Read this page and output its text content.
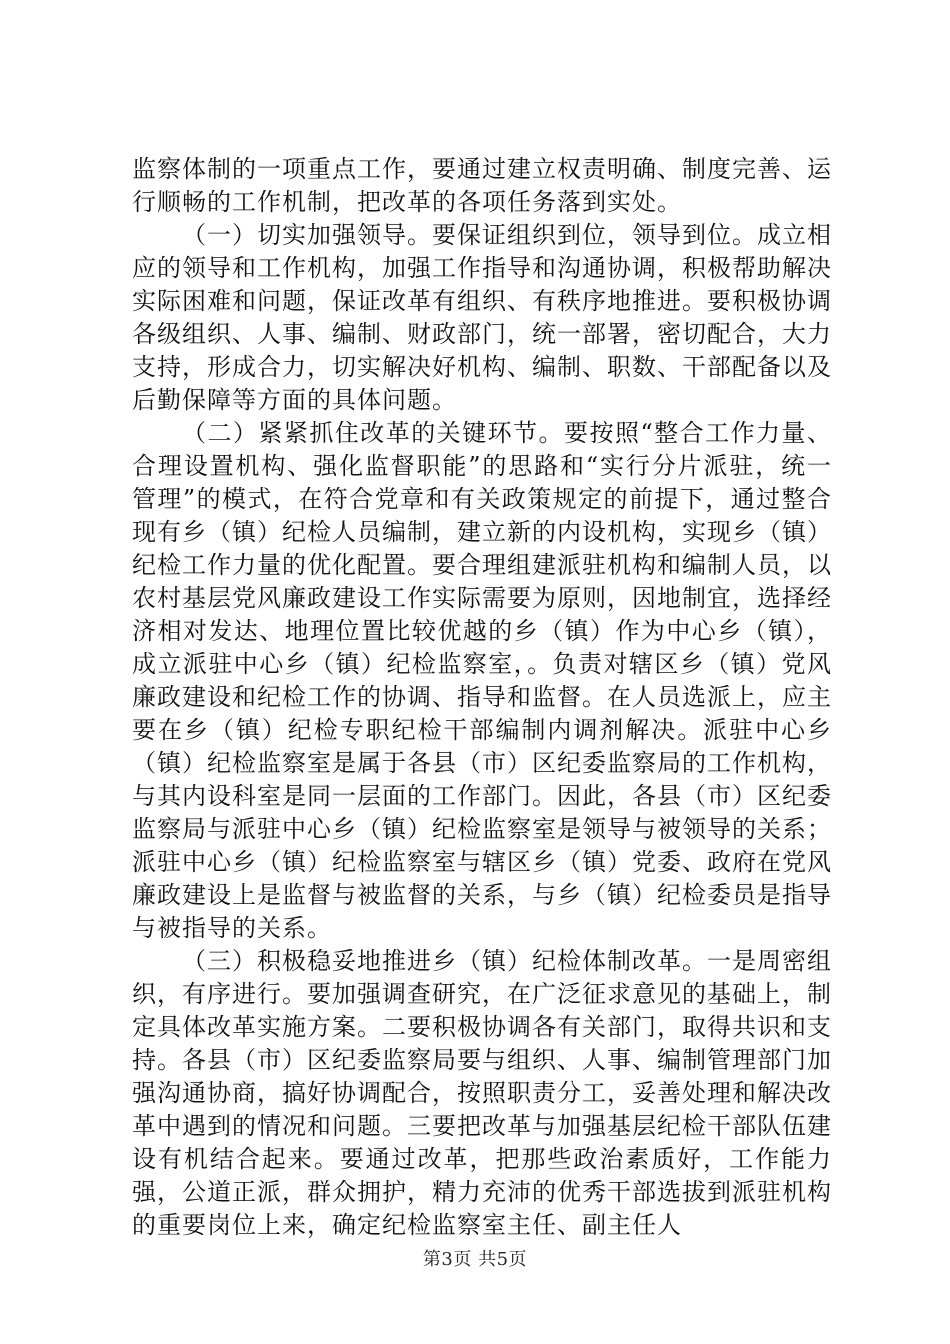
监察体制的一项重点工作，要通过建立权责明确、制度完善、运行顺畅的工作机制，把改革的各项任务落到实处。

（一）切实加强领导。要保证组织到位，领导到位。成立相应的领导和工作机构，加强工作指导和沟通协调，积极帮助解决实际困难和问题，保证改革有组织、有秩序地推进。要积极协调各级组织、人事、编制、财政部门，统一部署，密切配合，大力支持，形成合力，切实解决好机构、编制、职数、干部配备以及后勤保障等方面的具体问题。

（二）紧紧抓住改革的关键环节。要按照“整合工作力量、合理设置机构、强化监督职能”的思路和“实行分片派驻，统一管理”的模式，在符合党章和有关政策规定的前提下，通过整合现有乡（镇）纪检人员编制，建立新的内设机构，实现乡（镇）纪检工作力量的优化配置。要合理组建派驻机构和编制人员，以农村基层党风廉政建设工作实际需要为原则，因地制宜，选择经济相对发达、地理位置比较优越的乡（镇）作为中心乡（镇），成立派驻中心乡（镇）纪检监察室，。负责对辖区乡（镇）党风廉政建设和纪检工作的协调、指导和监督。在人员选派上，应主要在乡（镇）纪检专职纪检干部编制内调剂解决。派驻中心乡（镇）纪检监察室是属于各县（市）区纪委监察局的工作机构，与其内设科室是同一层面的工作部门。因此，各县（市）区纪委监察局与派驻中心乡（镇）纪检监察室是领导与被领导的关系；派驻中心乡（镇）纪检监察室与辖区乡（镇）党委、政府在党风廉政建设上是监督与被监督的关系，与乡（镇）纪检委员是指导与被指导的关系。

（三）积极稳妥地推进乡（镇）纪检体制改革。一是周密组织，有序进行。要加强调查研究，在广泛征求意见的基础上，制定具体改革实施方案。二要积极协调各有关部门，取得共识和支持。各县（市）区纪委监察局要与组织、人事、编制管理部门加强沟通协商，搞好协调配合，按照职责分工，妥善处理和解决改革中遇到的情况和问题。三要把改革与加强基层纪检干部队伍建设有机结合起来。要通过改革，把那些政治素质好，工作能力强，公道正派，群众拥护，精力充沛的优秀干部选拔到派驻机构的重要岗位上来，确定纪检监察室主任、副主任人

第3页 共5页
